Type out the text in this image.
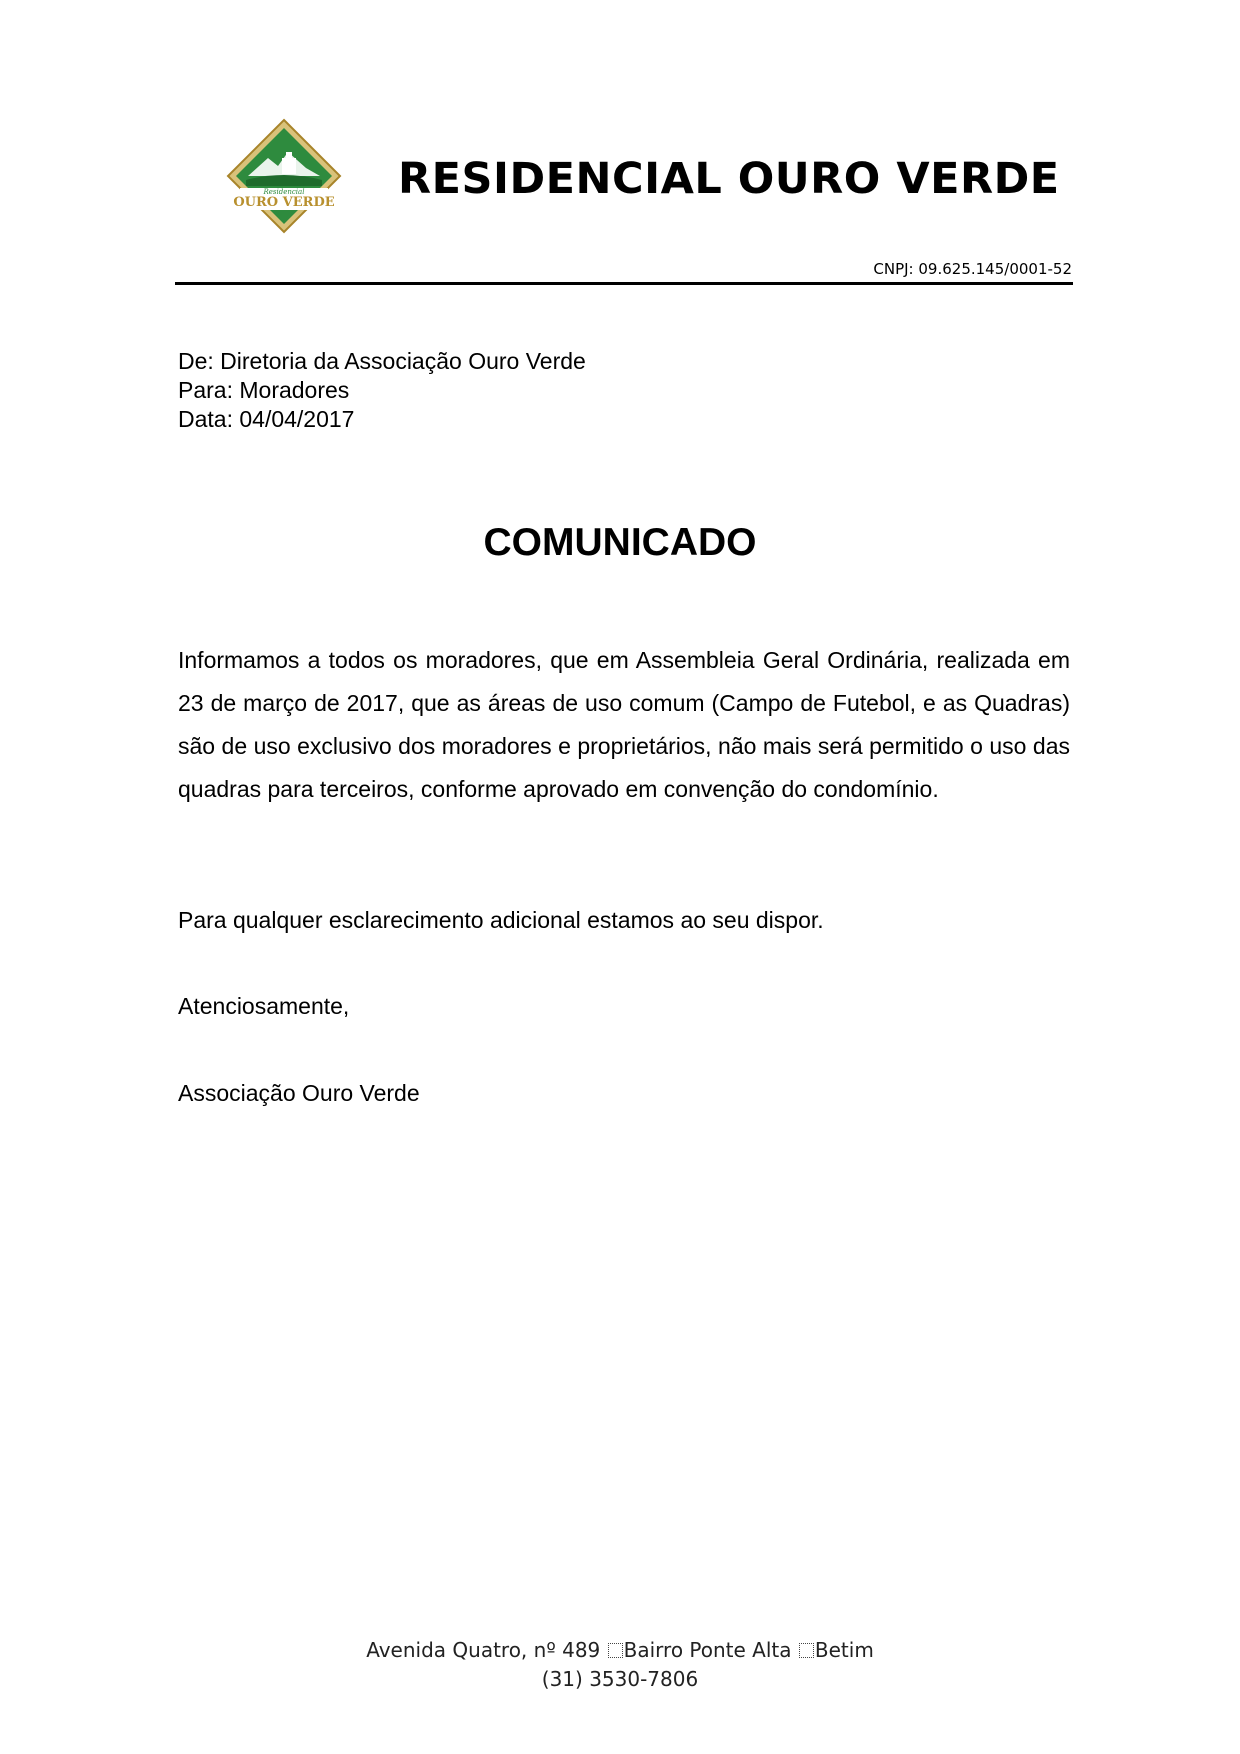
Residencial
OURO VERDE RESIDENCIAL OURO VERDE
CNPJ: 09.625.145/0001-52
De: Diretoria da Associação Ouro Verde
Para: Moradores
Data: 04/04/2017
COMUNICADO
Informamos a todos os moradores, que em Assembleia Geral Ordinária, realizada em 23 de março de 2017, que as áreas de uso comum (Campo de Futebol, e as Quadras) são de uso exclusivo dos moradores e proprietários, não mais será permitido o uso das quadras para terceiros, conforme aprovado em convenção do condomínio.
Para qualquer esclarecimento adicional estamos ao seu dispor.
Atenciosamente,
Associação Ouro Verde
Avenida Quatro, nº 489 Bairro Ponte Alta Betim
(31) 3530-7806
